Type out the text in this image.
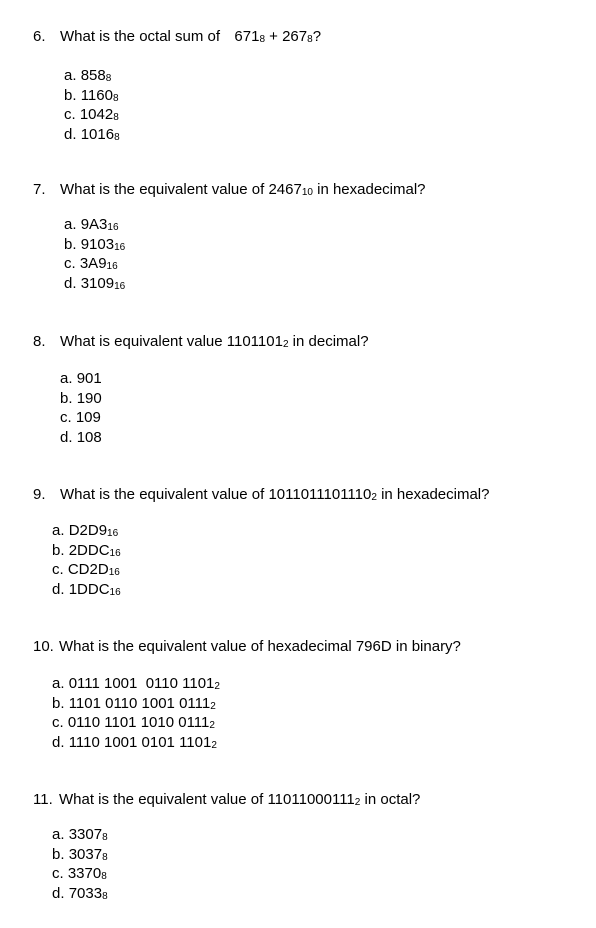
6. What is the octal sum of  6718 + 2678?
a. 8588
b. 11608
c. 10428
d. 10168
7. What is the equivalent value of 246710 in hexadecimal?
a. 9A316
b. 910316
c. 3A916
d. 310916
8. What is equivalent value 11011012 in decimal?
a. 901
b. 190
c. 109
d. 108
9. What is the equivalent value of 10110111011102 in hexadecimal?
a. D2D916
b. 2DDC16
c. CD2D16
d. 1DDC16
10. What is the equivalent value of hexadecimal 796D in binary?
a. 0111 1001  0110 11012
b. 1101 0110 1001 01112
c. 0110 1101 1010 01112
d. 1110 1001 0101 11012
11. What is the equivalent value of 110110001112 in octal?
a. 33078
b. 30378
c. 33708
d. 70338
